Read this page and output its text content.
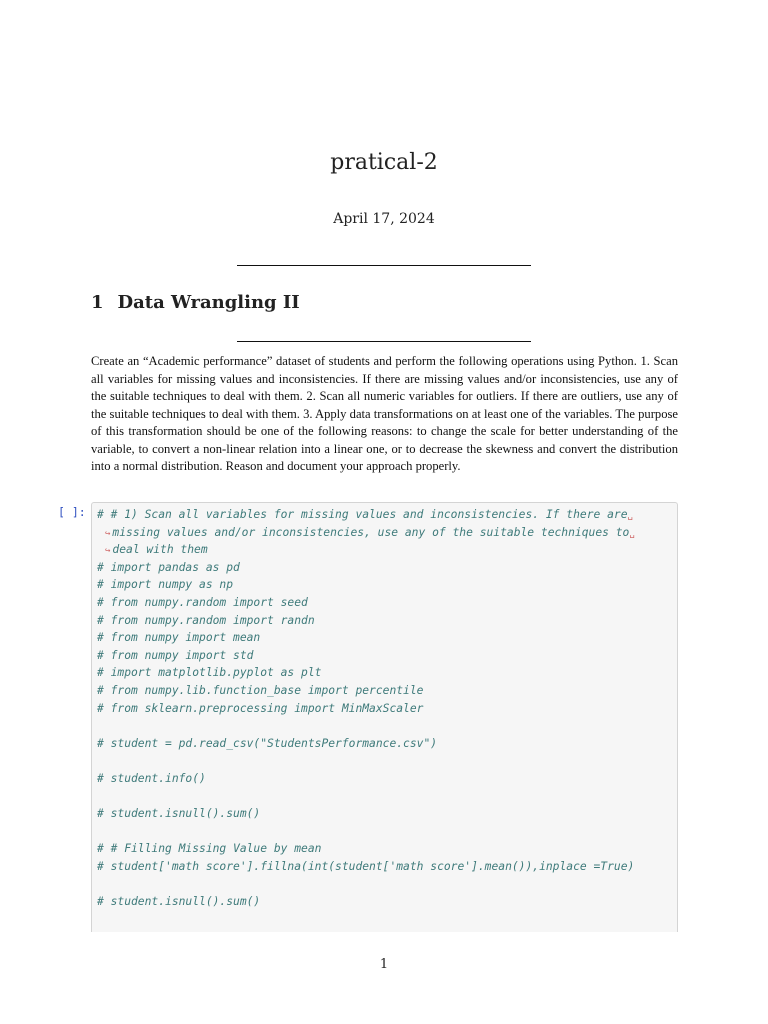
pratical-2
April 17, 2024
1 Data Wrangling II

Create an “Academic performance” dataset of students and perform the following operations using Python. 1. Scan all variables for missing values and inconsistencies. If there are missing values and/or inconsistencies, use any of the suitable techniques to deal with them. 2. Scan all numeric variables for outliers. If there are outliers, use any of the suitable techniques to deal with them. 3. Apply data transformations on at least one of the variables. The purpose of this transformation should be one of the following reasons: to change the scale for better understanding of the variable, to convert a non-linear relation into a linear one, or to decrease the skewness and convert the distribution into a normal distribution. Reason and document your approach properly.

[ ]: # # 1) Scan all variables for missing values and inconsistencies. If there are␣
↪ missing values and/or inconsistencies, use any of the suitable techniques to␣
↪ deal with them
# import pandas as pd
# import numpy as np
# from numpy.random import seed
# from numpy.random import randn
# from numpy import mean
# from numpy import std
# import matplotlib.pyplot as plt
# from numpy.lib.function_base import percentile
# from sklearn.preprocessing import MinMaxScaler
# student = pd.read_csv("StudentsPerformance.csv")
# student.info()
# student.isnull().sum()
# # Filling Missing Value by mean
# student['math score'].fillna(int(student['math score'].mean()),inplace =True)
# student.isnull().sum()
1
